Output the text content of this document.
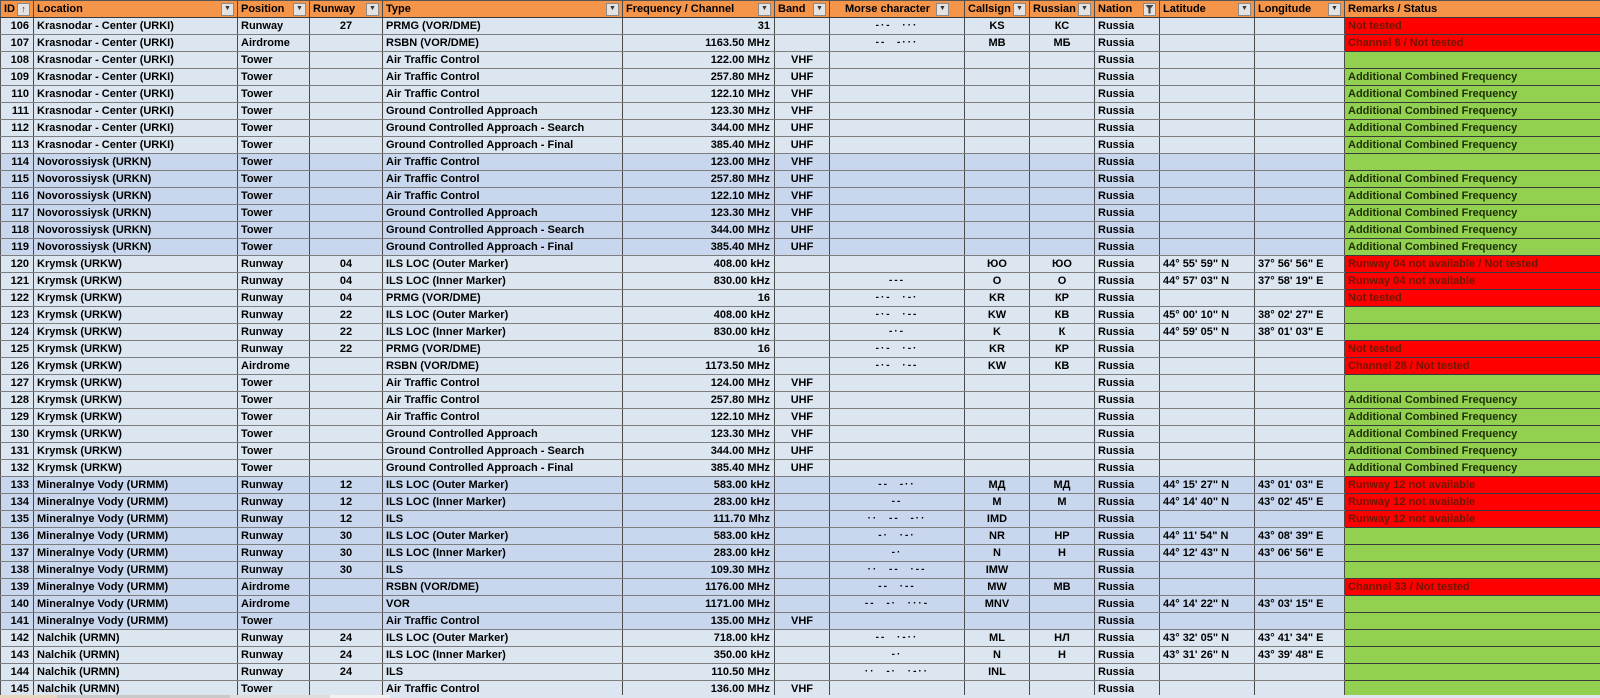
ID ↑	Location ▼	Position ▼	Runway ▼	Type ▼	Frequency / Channel ▼	Band ▼	Morse character ▼	Callsign ▼	Russian ▼	Nation	Latitude ▼	Longitude ▼	Remarks / Status

106	Krasnodar - Center (URKI)	Runway	27	PRMG (VOR/DME)	31		-·- ···	KS	КС	Russia			Not tested
107	Krasnodar - Center (URKI)	Airdrome		RSBN (VOR/DME)	1163.50 MHz		-- -···	MB	МБ	Russia			Channel 8 / Not tested
108	Krasnodar - Center (URKI)	Tower		Air Traffic Control	122.00 MHz	VHF				Russia			
109	Krasnodar - Center (URKI)	Tower		Air Traffic Control	257.80 MHz	UHF				Russia			Additional Combined Frequency
110	Krasnodar - Center (URKI)	Tower		Air Traffic Control	122.10 MHz	VHF				Russia			Additional Combined Frequency
111	Krasnodar - Center (URKI)	Tower		Ground Controlled Approach	123.30 MHz	VHF				Russia			Additional Combined Frequency
112	Krasnodar - Center (URKI)	Tower		Ground Controlled Approach - Search	344.00 MHz	UHF				Russia			Additional Combined Frequency
113	Krasnodar - Center (URKI)	Tower		Ground Controlled Approach - Final	385.40 MHz	UHF				Russia			Additional Combined Frequency
114	Novorossiysk (URKN)	Tower		Air Traffic Control	123.00 MHz	VHF				Russia			
115	Novorossiysk (URKN)	Tower		Air Traffic Control	257.80 MHz	UHF				Russia			Additional Combined Frequency
116	Novorossiysk (URKN)	Tower		Air Traffic Control	122.10 MHz	VHF				Russia			Additional Combined Frequency
117	Novorossiysk (URKN)	Tower		Ground Controlled Approach	123.30 MHz	VHF				Russia			Additional Combined Frequency
118	Novorossiysk (URKN)	Tower		Ground Controlled Approach - Search	344.00 MHz	UHF				Russia			Additional Combined Frequency
119	Novorossiysk (URKN)	Tower		Ground Controlled Approach - Final	385.40 MHz	UHF				Russia			Additional Combined Frequency
120	Krymsk (URKW)	Runway	04	ILS LOC (Outer Marker)	408.00 kHz			ЮО	ЮО	Russia	44° 55' 59" N	37° 56' 56" E	Runway 04 not available / Not tested
121	Krymsk (URKW)	Runway	04	ILS LOC (Inner Marker)	830.00 kHz		---	O	О	Russia	44° 57' 03" N	37° 58' 19" E	Runway 04 not available
122	Krymsk (URKW)	Runway	04	PRMG (VOR/DME)	16		-·- ·-·	KR	КР	Russia			Not tested
123	Krymsk (URKW)	Runway	22	ILS LOC (Outer Marker)	408.00 kHz		-·- ·--	KW	КВ	Russia	45° 00' 10" N	38° 02' 27" E	
124	Krymsk (URKW)	Runway	22	ILS LOC (Inner Marker)	830.00 kHz		-·-	K	К	Russia	44° 59' 05" N	38° 01' 03" E	
125	Krymsk (URKW)	Runway	22	PRMG (VOR/DME)	16		-·- ·-·	KR	КР	Russia			Not tested
126	Krymsk (URKW)	Airdrome		RSBN (VOR/DME)	1173.50 MHz		-·- ·--	KW	КВ	Russia			Channel 28 / Not tested
127	Krymsk (URKW)	Tower		Air Traffic Control	124.00 MHz	VHF				Russia			
128	Krymsk (URKW)	Tower		Air Traffic Control	257.80 MHz	UHF				Russia			Additional Combined Frequency
129	Krymsk (URKW)	Tower		Air Traffic Control	122.10 MHz	VHF				Russia			Additional Combined Frequency
130	Krymsk (URKW)	Tower		Ground Controlled Approach	123.30 MHz	VHF				Russia			Additional Combined Frequency
131	Krymsk (URKW)	Tower		Ground Controlled Approach - Search	344.00 MHz	UHF				Russia			Additional Combined Frequency
132	Krymsk (URKW)	Tower		Ground Controlled Approach - Final	385.40 MHz	UHF				Russia			Additional Combined Frequency
133	Mineralnye Vody (URMM)	Runway	12	ILS LOC (Outer Marker)	583.00 kHz		-- -··	МД	МД	Russia	44° 15' 27" N	43° 01' 03" E	Runway 12 not available
134	Mineralnye Vody (URMM)	Runway	12	ILS LOC (Inner Marker)	283.00 kHz		--	M	M	Russia	44° 14' 40" N	43° 02' 45" E	Runway 12 not available
135	Mineralnye Vody (URMM)	Runway	12	ILS	111.70 Mhz		·· -- -··	IMD		Russia			Runway 12 not available
136	Mineralnye Vody (URMM)	Runway	30	ILS LOC (Outer Marker)	583.00 kHz		-· ·-·	NR	НР	Russia	44° 11' 54" N	43° 08' 39" E	
137	Mineralnye Vody (URMM)	Runway	30	ILS LOC (Inner Marker)	283.00 kHz		-·	N	Н	Russia	44° 12' 43" N	43° 06' 56" E	
138	Mineralnye Vody (URMM)	Runway	30	ILS	109.30 MHz		·· -- ·--	IMW		Russia			
139	Mineralnye Vody (URMM)	Airdrome		RSBN (VOR/DME)	1176.00 MHz		-- ·--	MW	МВ	Russia			Channel 33 / Not tested
140	Mineralnye Vody (URMM)	Airdrome		VOR	1171.00 MHz		-- -· ···-	MNV		Russia	44° 14' 22" N	43° 03' 15" E	
141	Mineralnye Vody (URMM)	Tower		Air Traffic Control	135.00 MHz	VHF				Russia			
142	Nalchik (URMN)	Runway	24	ILS LOC (Outer Marker)	718.00 kHz		-- ·-··	ML	НЛ	Russia	43° 32' 05" N	43° 41' 34" E	
143	Nalchik (URMN)	Runway	24	ILS LOC (Inner Marker)	350.00 kHz		-·	N	Н	Russia	43° 31' 26" N	43° 39' 48" E	
144	Nalchik (URMN)	Runway	24	ILS	110.50 MHz		·· -· ·-··	INL		Russia			
145	Nalchik (URMN)	Tower		Air Traffic Control	136.00 MHz	VHF				Russia			
